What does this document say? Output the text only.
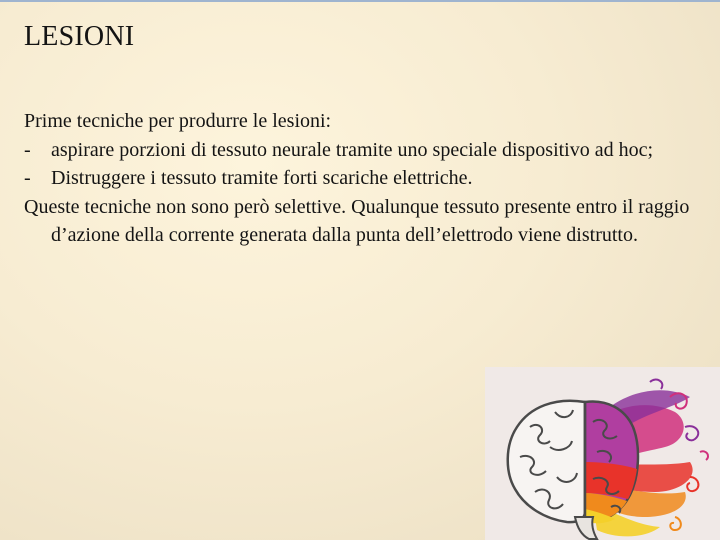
LESIONI

Prime tecniche per produrre le lesioni:

- aspirare porzioni di tessuto neurale tramite uno speciale dispositivo ad hoc;

- Distruggere i tessuto tramite forti scariche elettriche.

Queste tecniche non sono però selettive. Qualunque tessuto presente entro il raggio d’azione della corrente generata dalla punta dell’elettrodo viene distrutto.
